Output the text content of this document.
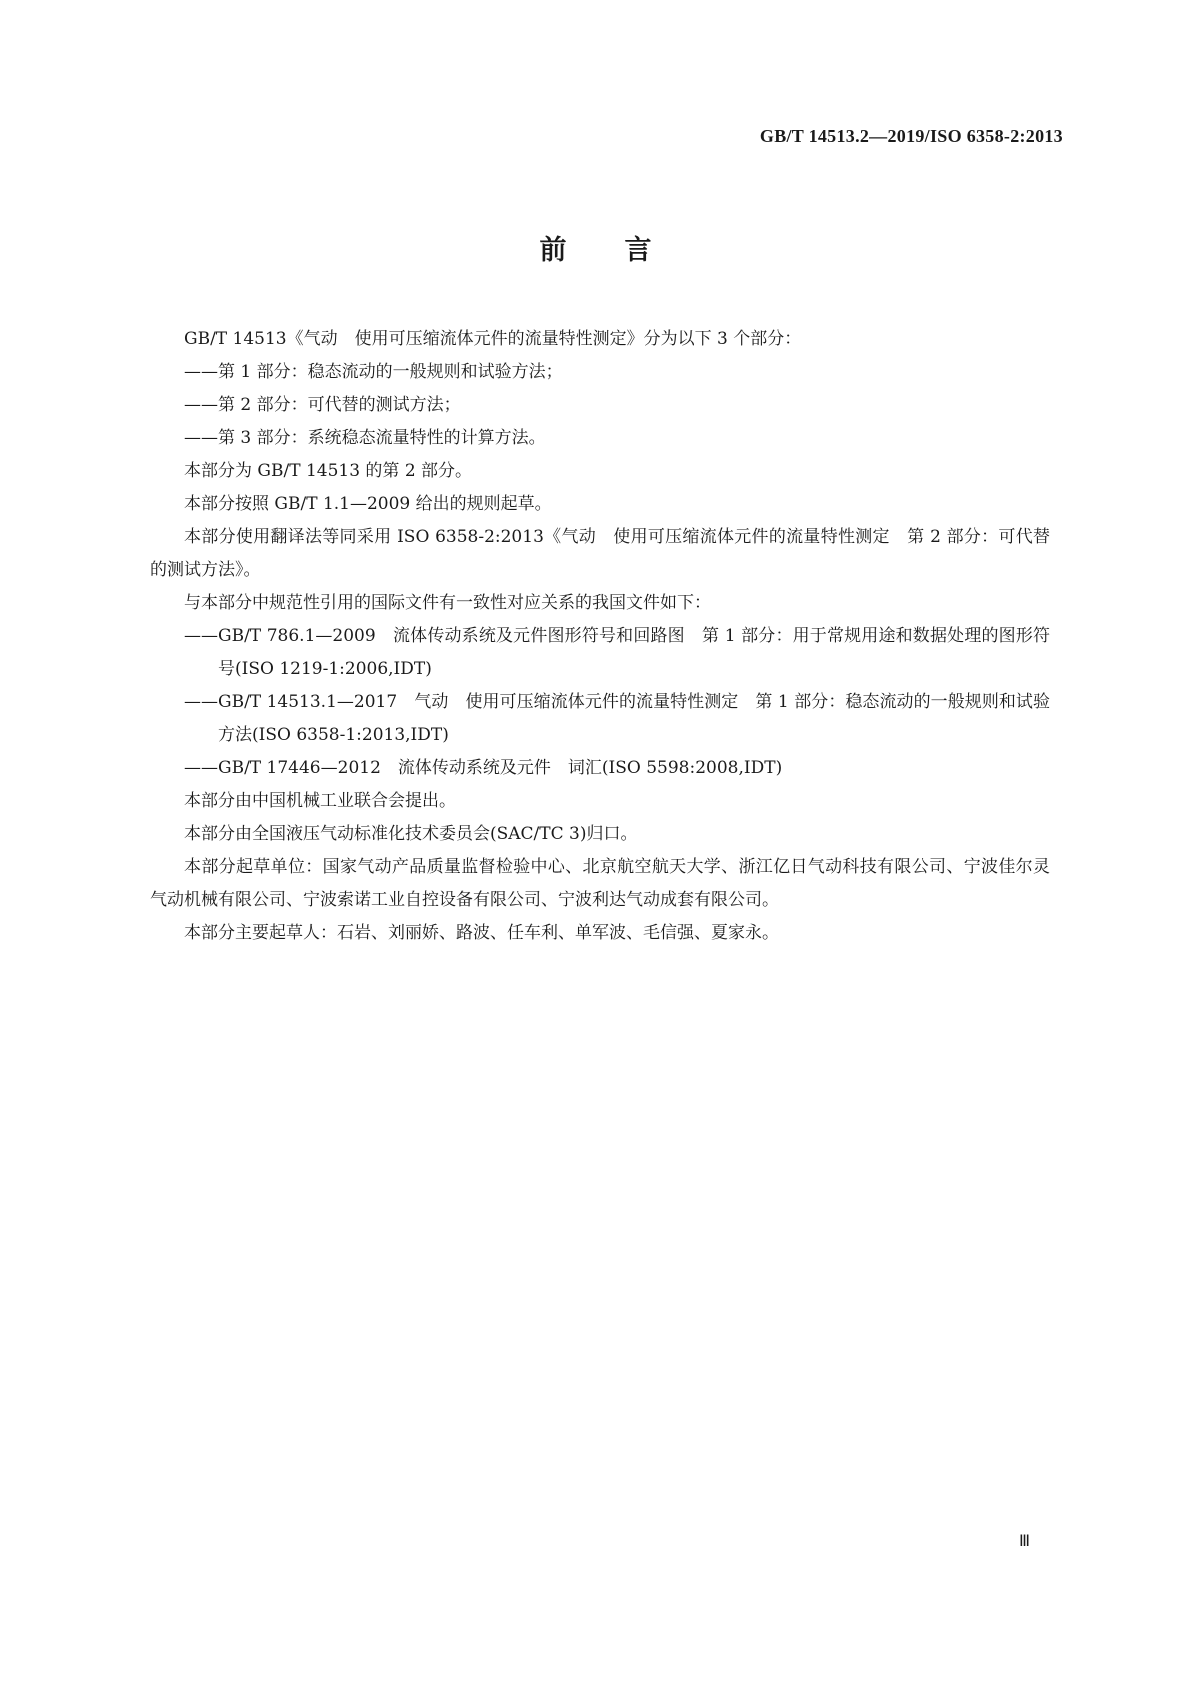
GB/T 14513.2—2019/ISO 6358-2:2013
前言

GB/T 14513《气动　使用可压缩流体元件的流量特性测定》分为以下 3 个部分：

——第 1 部分：稳态流动的一般规则和试验方法；

——第 2 部分：可代替的测试方法；

——第 3 部分：系统稳态流量特性的计算方法。

本部分为 GB/T 14513 的第 2 部分。

本部分按照 GB/T 1.1—2009 给出的规则起草。

本部分使用翻译法等同采用 ISO 6358-2:2013《气动　使用可压缩流体元件的流量特性测定　第 2 部分：可代替的测试方法》。

与本部分中规范性引用的国际文件有一致性对应关系的我国文件如下：

——GB/T 786.1—2009　流体传动系统及元件图形符号和回路图　第 1 部分：用于常规用途和数据处理的图形符号(ISO 1219-1:2006,IDT)

——GB/T 14513.1—2017　气动　使用可压缩流体元件的流量特性测定　第 1 部分：稳态流动的一般规则和试验方法(ISO 6358-1:2013,IDT)

——GB/T 17446—2012　流体传动系统及元件　词汇(ISO 5598:2008,IDT)

本部分由中国机械工业联合会提出。

本部分由全国液压气动标准化技术委员会(SAC/TC 3)归口。

本部分起草单位：国家气动产品质量监督检验中心、北京航空航天大学、浙江亿日气动科技有限公司、宁波佳尔灵气动机械有限公司、宁波索诺工业自控设备有限公司、宁波利达气动成套有限公司。

本部分主要起草人：石岩、刘丽娇、路波、任车利、单军波、毛信强、夏家永。

Ⅲ
